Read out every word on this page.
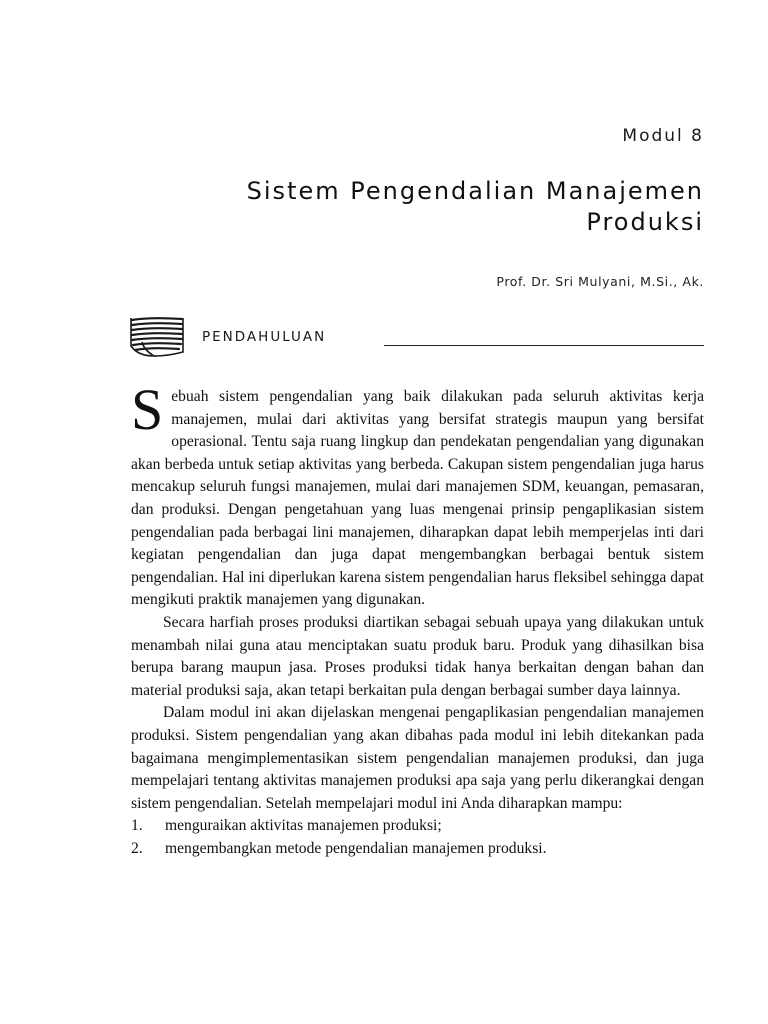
Modul 8
Sistem Pengendalian Manajemen
Produksi
Prof. Dr. Sri Mulyani, M.Si., Ak.
PENDAHULUAN

Sebuah sistem pengendalian yang baik dilakukan pada seluruh aktivitas kerja manajemen, mulai dari aktivitas yang bersifat strategis maupun yang bersifat operasional. Tentu saja ruang lingkup dan pendekatan pengendalian yang digunakan akan berbeda untuk setiap aktivitas yang berbeda. Cakupan sistem pengendalian juga harus mencakup seluruh fungsi manajemen, mulai dari manajemen SDM, keuangan, pemasaran, dan produksi. Dengan pengetahuan yang luas mengenai prinsip pengaplikasian sistem pengendalian pada berbagai lini manajemen, diharapkan dapat lebih memperjelas inti dari kegiatan pengendalian dan juga dapat mengembangkan berbagai bentuk sistem pengendalian. Hal ini diperlukan karena sistem pengendalian harus fleksibel sehingga dapat mengikuti praktik manajemen yang digunakan.

Secara harfiah proses produksi diartikan sebagai sebuah upaya yang dilakukan untuk menambah nilai guna atau menciptakan suatu produk baru. Produk yang dihasilkan bisa berupa barang maupun jasa. Proses produksi tidak hanya berkaitan dengan bahan dan material produksi saja, akan tetapi berkaitan pula dengan berbagai sumber daya lainnya.

Dalam modul ini akan dijelaskan mengenai pengaplikasian pengendalian manajemen produksi. Sistem pengendalian yang akan dibahas pada modul ini lebih ditekankan pada bagaimana mengimplementasikan sistem pengendalian manajemen produksi, dan juga mempelajari tentang aktivitas manajemen produksi apa saja yang perlu dikerangkai dengan sistem pengendalian. Setelah mempelajari modul ini Anda diharapkan mampu:

1.	menguraikan aktivitas manajemen produksi;
2.	mengembangkan metode pengendalian manajemen produksi.
